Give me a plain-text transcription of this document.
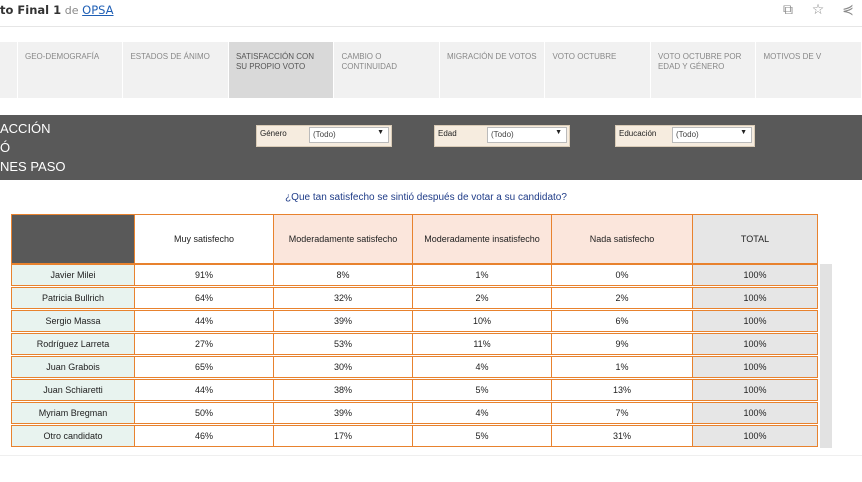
to Final 1 de OPSA	⧉ ☆ ⋞
GEO-DEMOGRAFÍA	ESTADOS DE ÁNIMO	SATISFACCIÓN CON SU PROPIO VOTO
CAMBIO O CONTINUIDAD
MIGRACIÓN DE VOTOS	VOTO OCTUBRE	VOTO OCTUBRE POR EDAD Y GÉNERO
MOTIVOS DE V
ACCIÓN
Ó
NES PASO
Género	(Todo)	▼	Edad	(Todo)	▼	Educación	(Todo)	▼
¿Que tan satisfecho se sintió después de votar a su candidato?
Muy satisfecho	Moderadamente satisfecho	Moderadamente insatisfecho	Nada satisfecho	TOTAL
Javier Milei	91%	8%	1%	0%	100%
Patricia Bullrich	64%	32%	2%	2%	100%
Sergio Massa	44%	39%	10%	6%	100%
Rodríguez Larreta	27%	53%	11%	9%	100%
Juan Grabois	65%	30%	4%	1%	100%
Juan Schiaretti	44%	38%	5%	13%	100%
Myriam Bregman	50%	39%	4%	7%	100%
Otro candidato	46%	17%	5%	31%	100%
